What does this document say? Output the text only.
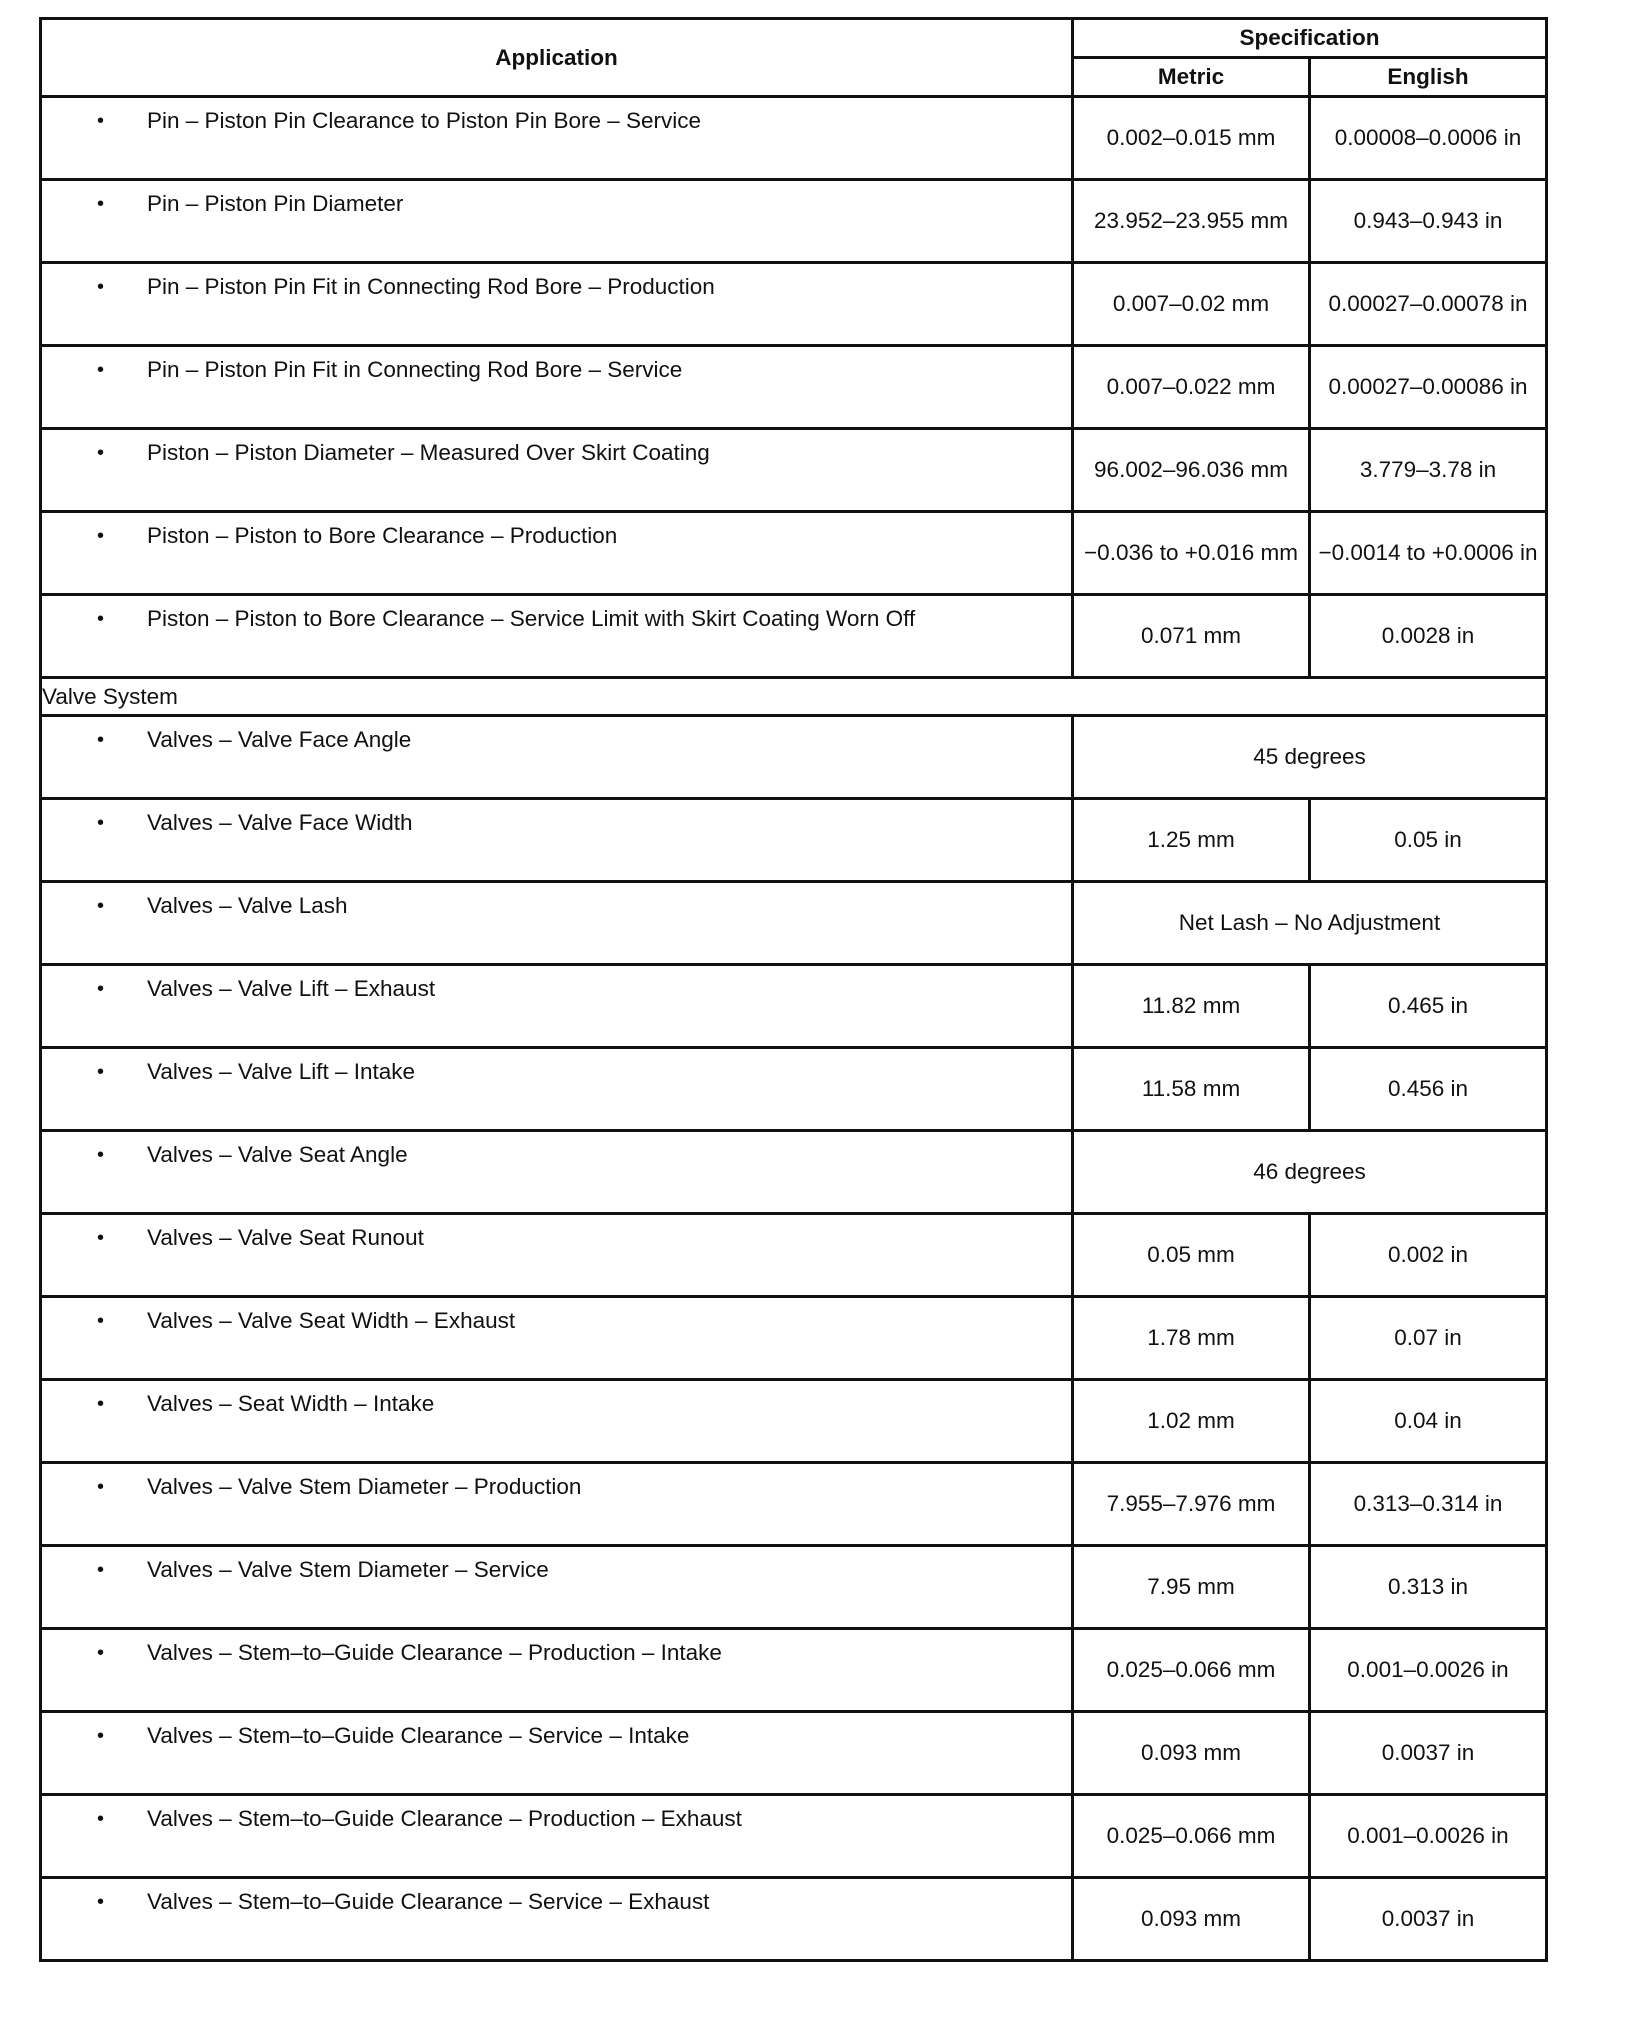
Application	Specification	
	Metric	English

• Pin – Piston Pin Clearance to Piston Pin Bore – Service	0.002–0.015 mm	0.00008–0.0006 in

• Pin – Piston Pin Diameter	23.952–23.955 mm	0.943–0.943 in

• Pin – Piston Pin Fit in Connecting Rod Bore – Production	0.007–0.02 mm	0.00027–0.00078 in

• Pin – Piston Pin Fit in Connecting Rod Bore – Service	0.007–0.022 mm	0.00027–0.00086 in

• Piston – Piston Diameter – Measured Over Skirt Coating	96.002–96.036 mm	3.779–3.78 in

• Piston – Piston to Bore Clearance – Production	−0.036 to +0.016 mm	−0.0014 to +0.0006 in

• Piston – Piston to Bore Clearance – Service Limit with Skirt Coating Worn Off	0.071 mm	0.0028 in
Valve System		

• Valves – Valve Face Angle	45 degrees	

• Valves – Valve Face Width	1.25 mm	0.05 in

• Valves – Valve Lash	Net Lash – No Adjustment	

• Valves – Valve Lift – Exhaust	11.82 mm	0.465 in

• Valves – Valve Lift – Intake	11.58 mm	0.456 in

• Valves – Valve Seat Angle	46 degrees	

• Valves – Valve Seat Runout	0.05 mm	0.002 in

• Valves – Valve Seat Width – Exhaust	1.78 mm	0.07 in

• Valves – Seat Width – Intake	1.02 mm	0.04 in

• Valves – Valve Stem Diameter – Production	7.955–7.976 mm	0.313–0.314 in

• Valves – Valve Stem Diameter – Service	7.95 mm	0.313 in

• Valves – Stem–to–Guide Clearance – Production – Intake	0.025–0.066 mm	0.001–0.0026 in

• Valves – Stem–to–Guide Clearance – Service – Intake	0.093 mm	0.0037 in

• Valves – Stem–to–Guide Clearance – Production – Exhaust	0.025–0.066 mm	0.001–0.0026 in

• Valves – Stem–to–Guide Clearance – Service – Exhaust	0.093 mm	0.0037 in
